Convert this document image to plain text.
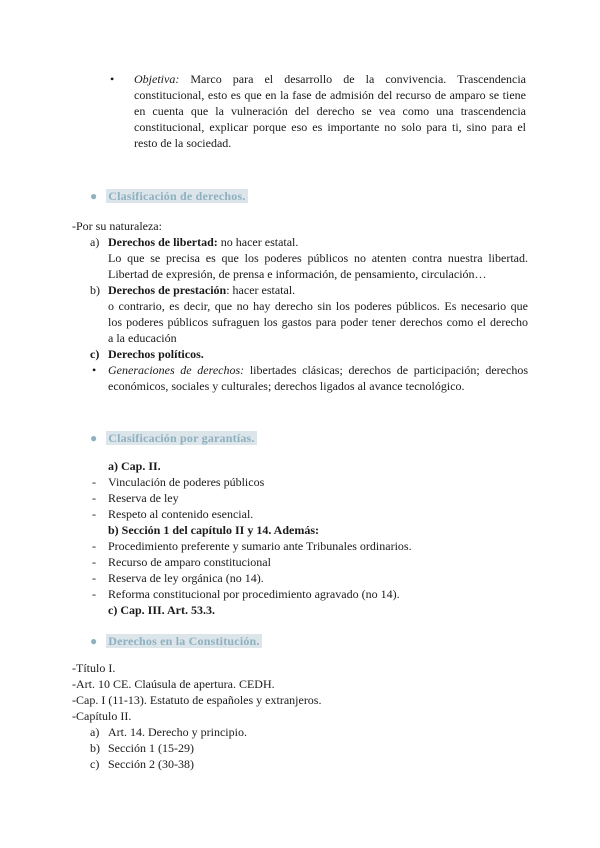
• Objetiva: Marco para el desarrollo de la convivencia. Trascendencia
constitucional, esto es que en la fase de admisión del recurso de amparo se tiene
en cuenta que la vulneración del derecho se vea como una trascendencia
constitucional, explicar porque eso es importante no solo para ti, sino para el
resto de la sociedad.
● Clasificación de derechos.
-Por su naturaleza:
a) Derechos de libertad: no hacer estatal.
Lo que se precisa es que los poderes públicos no atenten contra nuestra libertad.
Libertad de expresión, de prensa e información, de pensamiento, circulación…
b) Derechos de prestación: hacer estatal.
o contrario, es decir, que no hay derecho sin los poderes públicos. Es necesario que
los poderes públicos sufraguen los gastos para poder tener derechos como el derecho
a la educación
c) Derechos políticos.
• Generaciones de derechos: libertades clásicas; derechos de participación; derechos
económicos, sociales y culturales; derechos ligados al avance tecnológico.
● Clasificación por garantías.
a) Cap. II.
- Vinculación de poderes públicos
- Reserva de ley
- Respeto al contenido esencial.
b) Sección 1 del capítulo II y 14. Además:
- Procedimiento preferente y sumario ante Tribunales ordinarios.
- Recurso de amparo constitucional
- Reserva de ley orgánica (no 14).
- Reforma constitucional por procedimiento agravado (no 14).
c) Cap. III. Art. 53.3.
● Derechos en la Constitución.
-Título I.
-Art. 10 CE. Claúsula de apertura. CEDH.
-Cap. I (11-13). Estatuto de españoles y extranjeros.
-Capítulo II.
a) Art. 14. Derecho y principio.
b) Sección 1 (15-29)
c) Sección 2 (30-38)
